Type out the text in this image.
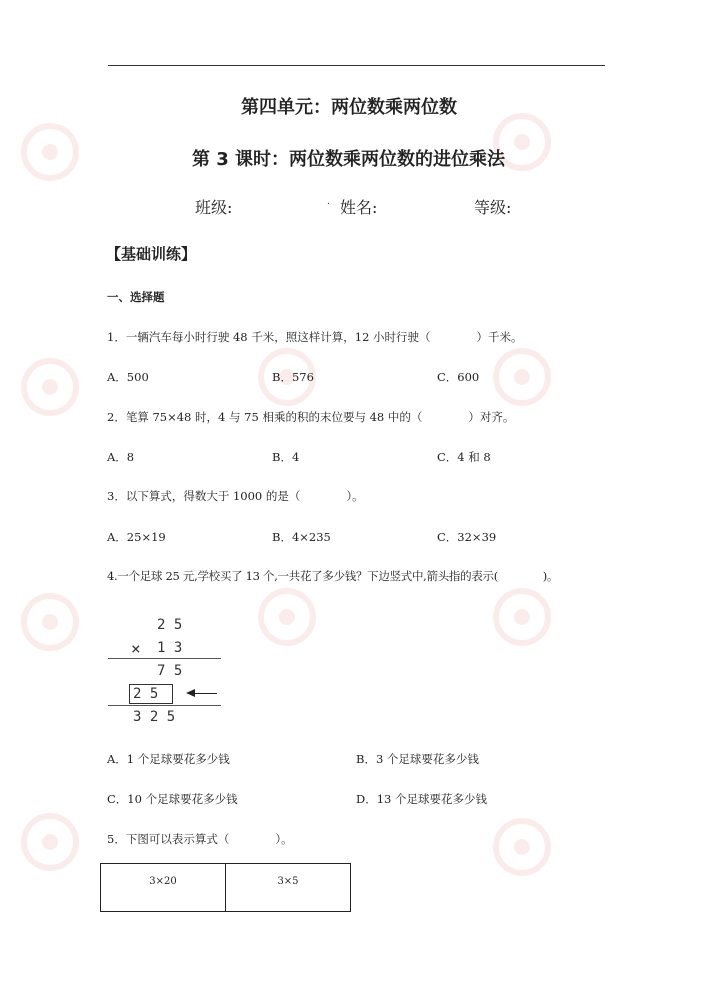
第四单元：两位数乘两位数
第 3 课时：两位数乘两位数的进位乘法
班级:	. 姓名:	等级:
【基础训练】
一、选择题
1．一辆汽车每小时行驶 48 千米，照这样计算，12 小时行驶（　　　　）千米。
A．500	B．576	C．600
2．笔算 75×48 时，4 与 75 相乘的积的末位要与 48 中的（　　　　）对齐。
A．8	B．4	C．4 和 8
3．以下算式，得数大于 1000 的是（　　　　）。
A．25×19	B．4×235	C．32×39
4.一个足球 25 元,学校买了 13 个,一共花了多少钱？下边竖式中,箭头指的表示(　　　　)。
2 5
× 1 3
7 5
2 5
3 2 5
A．1 个足球要花多少钱	B．3 个足球要花多少钱
C．10 个足球要花多少钱	D．13 个足球要花多少钱
5．下图可以表示算式（　　　　）。
3×20	3×5
